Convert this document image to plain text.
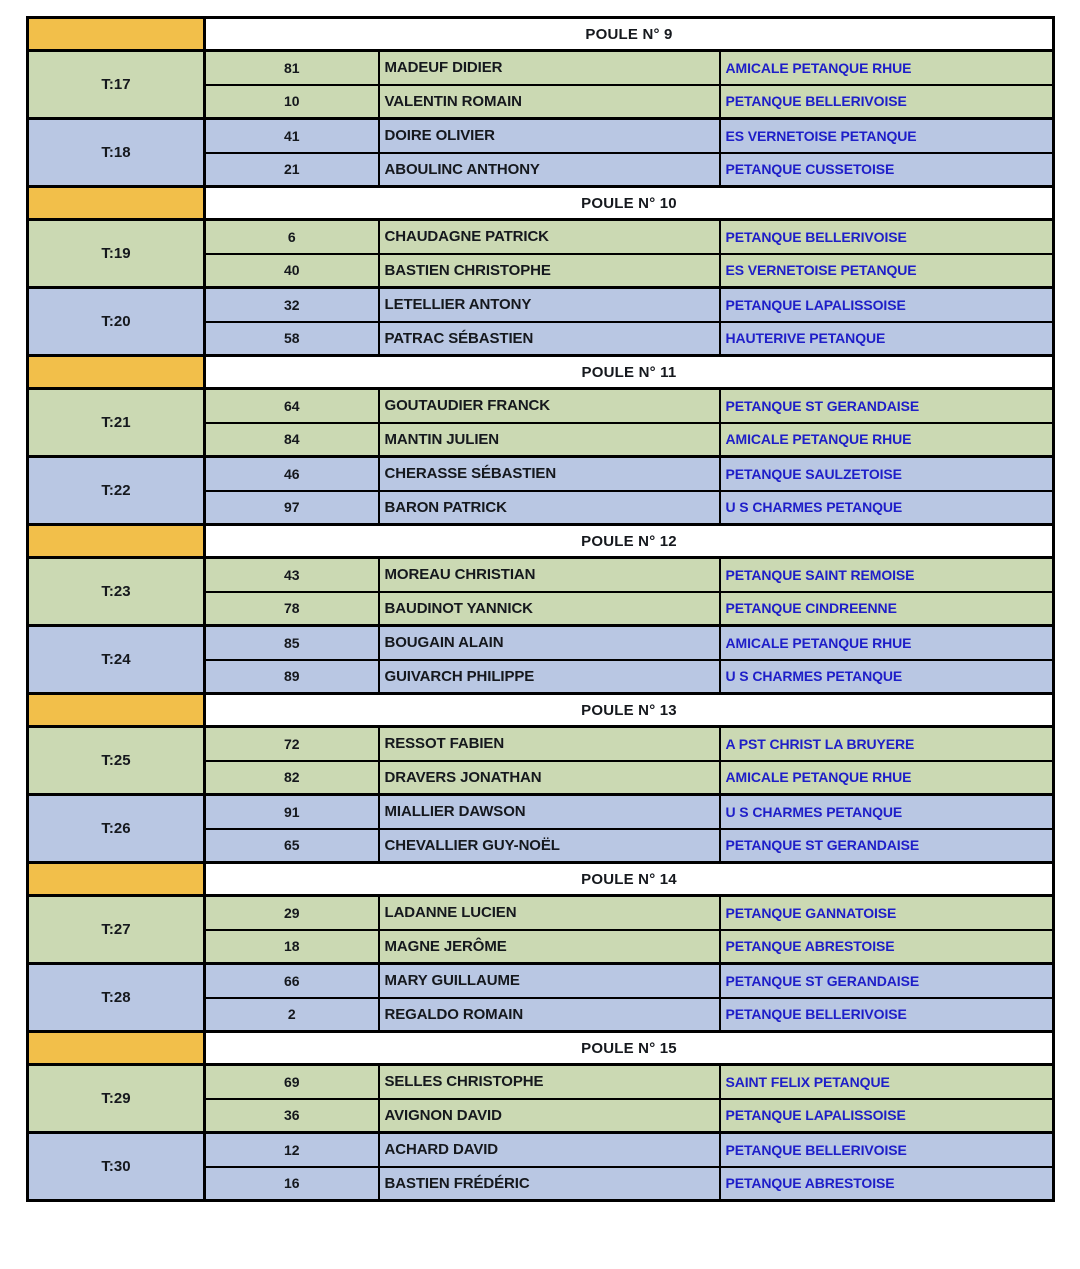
	POULE N° 9		
T:17	81	MADEUF DIDIER	AMICALE PETANQUE RHUE
	10	VALENTIN ROMAIN	PETANQUE BELLERIVOISE
T:18	41	DOIRE OLIVIER	ES VERNETOISE PETANQUE
	21	ABOULINC ANTHONY	PETANQUE CUSSETOISE
	POULE N° 10		
T:19	6	CHAUDAGNE PATRICK	PETANQUE BELLERIVOISE
	40	BASTIEN CHRISTOPHE	ES VERNETOISE PETANQUE
T:20	32	LETELLIER ANTONY	PETANQUE LAPALISSOISE
	58	PATRAC SÉBASTIEN	HAUTERIVE PETANQUE
	POULE N° 11		
T:21	64	GOUTAUDIER FRANCK	PETANQUE ST GERANDAISE
	84	MANTIN JULIEN	AMICALE PETANQUE RHUE
T:22	46	CHERASSE SÉBASTIEN	PETANQUE SAULZETOISE
	97	BARON PATRICK	U S CHARMES PETANQUE
	POULE N° 12		
T:23	43	MOREAU CHRISTIAN	PETANQUE SAINT REMOISE
	78	BAUDINOT YANNICK	PETANQUE CINDREENNE
T:24	85	BOUGAIN ALAIN	AMICALE PETANQUE RHUE
	89	GUIVARCH PHILIPPE	U S CHARMES PETANQUE
	POULE N° 13		
T:25	72	RESSOT FABIEN	A PST CHRIST LA BRUYERE
	82	DRAVERS JONATHAN	AMICALE PETANQUE RHUE
T:26	91	MIALLIER DAWSON	U S CHARMES PETANQUE
	65	CHEVALLIER GUY-NOËL	PETANQUE ST GERANDAISE
	POULE N° 14		
T:27	29	LADANNE LUCIEN	PETANQUE GANNATOISE
	18	MAGNE JERÔME	PETANQUE ABRESTOISE
T:28	66	MARY GUILLAUME	PETANQUE ST GERANDAISE
	2	REGALDO ROMAIN	PETANQUE BELLERIVOISE
	POULE N° 15		
T:29	69	SELLES CHRISTOPHE	SAINT FELIX PETANQUE
	36	AVIGNON DAVID	PETANQUE LAPALISSOISE
T:30	12	ACHARD DAVID	PETANQUE BELLERIVOISE
	16	BASTIEN FRÉDÉRIC	PETANQUE ABRESTOISE
